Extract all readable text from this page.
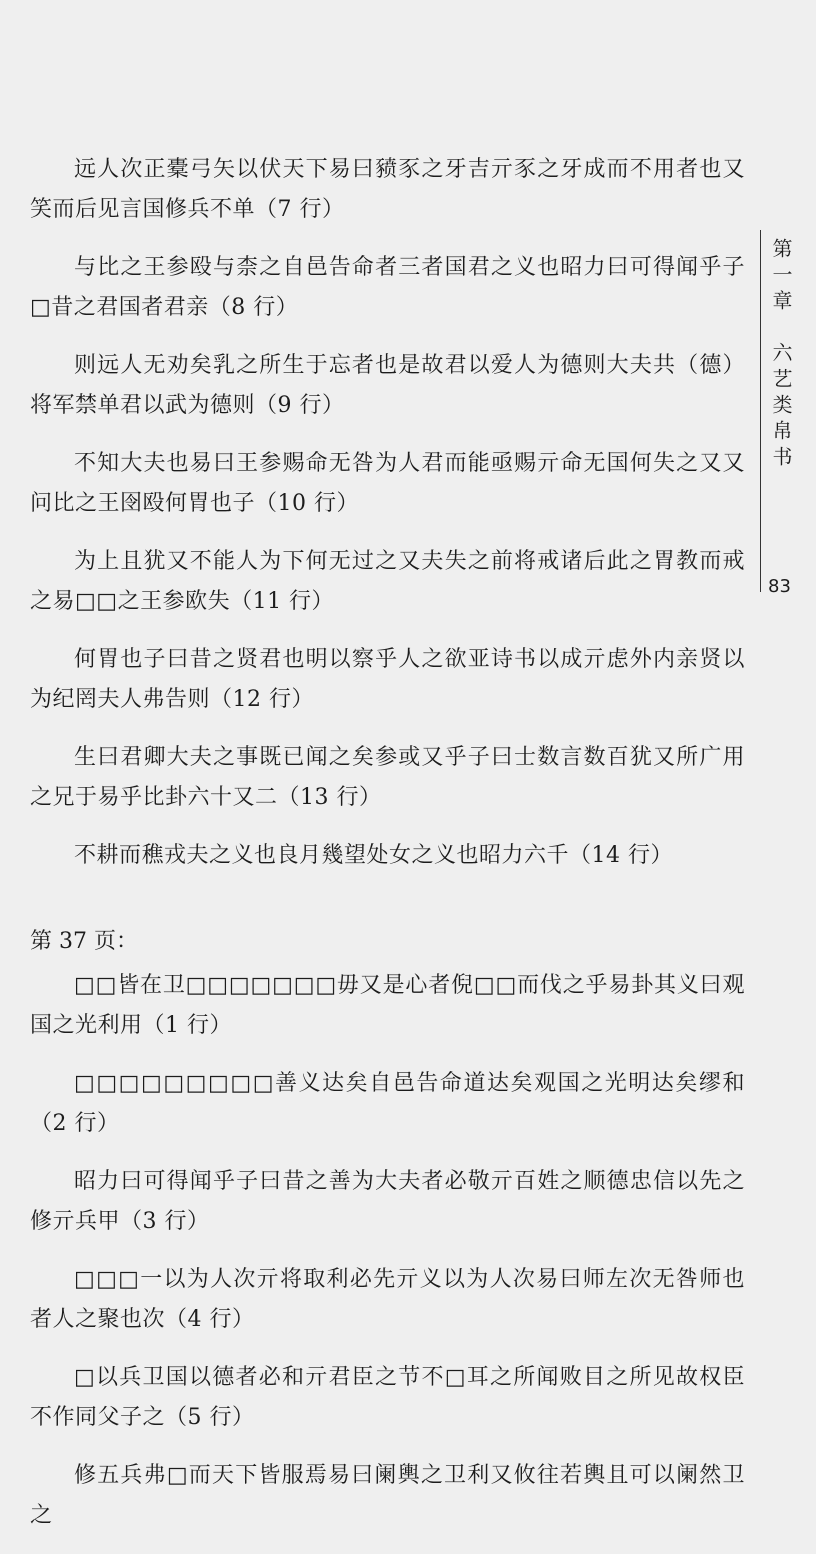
远人次正橐弓矢以伏天下易曰豮豕之牙吉亓豕之牙成而不用者也又笑而后见言国修兵不单（7 行）

与比之王参殴与柰之自邑告命者三者国君之义也昭力曰可得闻乎子□昔之君国者君亲（8 行）

则远人无劝矣乳之所生于忘者也是故君以爱人为德则大夫共（德）将军禁单君以武为德则（9 行）

不知大夫也易曰王参赐命无咎为人君而能亟赐亓命无国何失之又又问比之王囹殴何胃也子（10 行）

为上且犹又不能人为下何无过之又夫失之前将戒诸后此之胃教而戒之易□□之王参欧失（11 行）

何胃也子曰昔之贤君也明以察乎人之欲亚诗书以成亓虑外内亲贤以为纪罔夫人弗告则（12 行）

生曰君卿大夫之事既已闻之矣参或又乎子曰士数言数百犹又所广用之兄于易乎比卦六十又二（13 行）

不耕而穛戎夫之义也良月幾望处女之义也昭力六千（14 行）

第 37 页：

□□皆在卫□□□□□□□毋又是心者倪□□而伐之乎易卦其义曰观国之光利用（1 行）

□□□□□□□□□善义达矣自邑告命道达矣观国之光明达矣缪和（2 行）

昭力曰可得闻乎子曰昔之善为大夫者必敬亓百姓之顺德忠信以先之修亓兵甲（3 行）

□□□一以为人次亓将取利必先亓义以为人次易曰师左次无咎师也者人之聚也次（4 行）

□以兵卫国以德者必和亓君臣之节不□耳之所闻败目之所见故权臣不作同父子之（5 行）

修五兵弗□而天下皆服焉易曰阑輿之卫利又攸往若輿且可以阑然卫之

第一章　六艺类帛书
83
